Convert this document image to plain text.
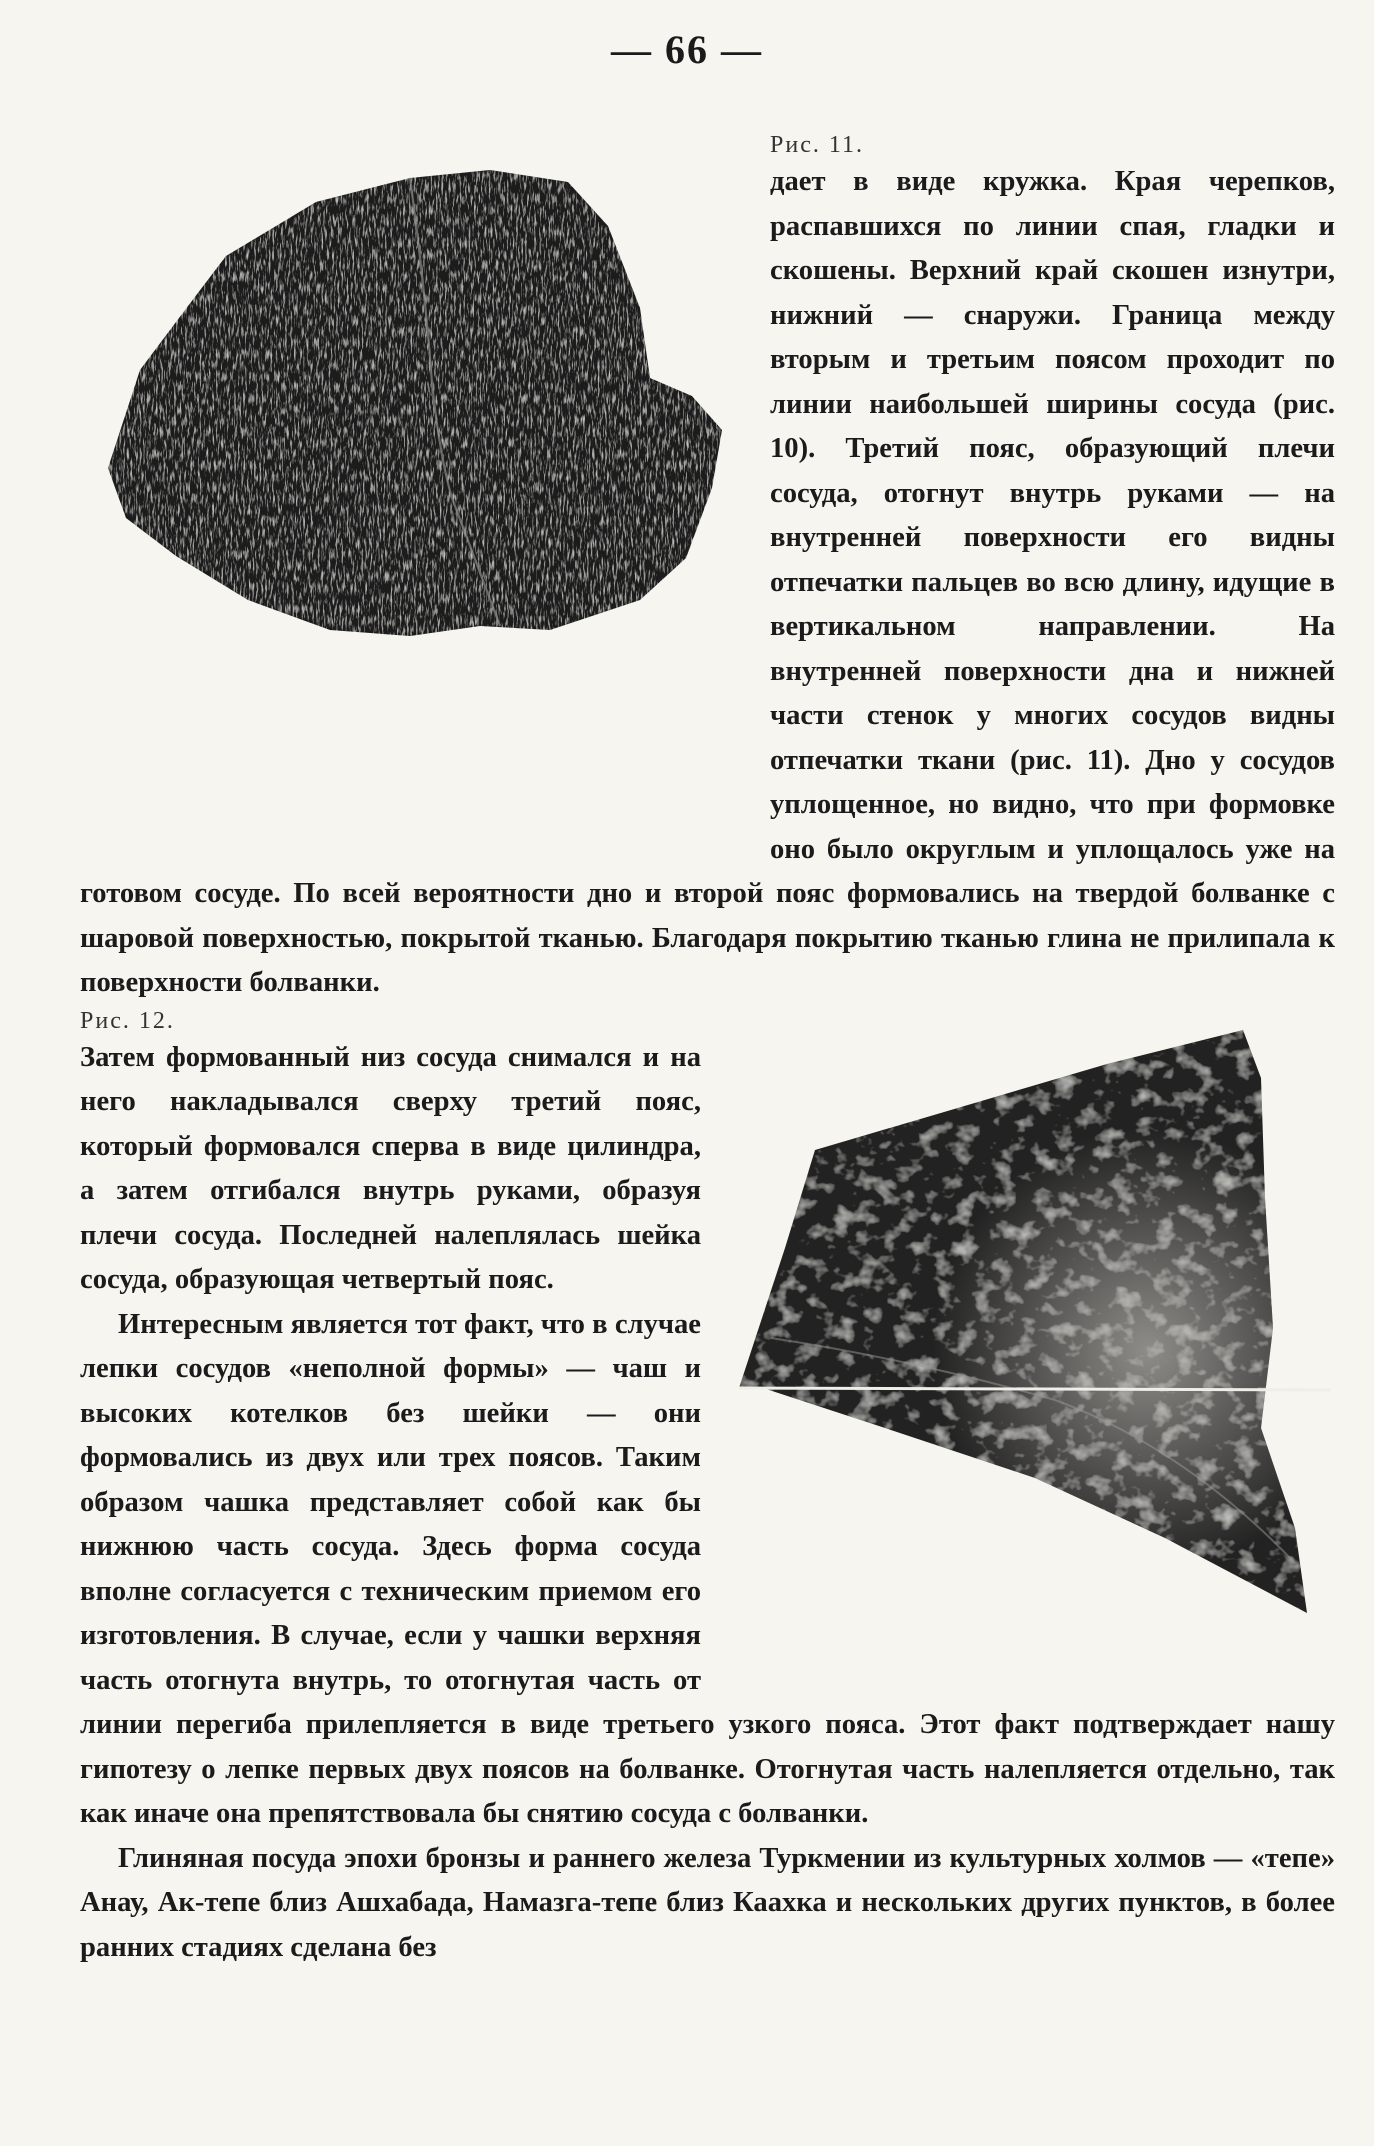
— 66 —

Рис. 11.
дает в виде кружка. Края черепков, распавшихся по линии спая, гладки и скошены. Верхний край скошен изнутри, нижний — снаружи. Граница между вторым и третьим поясом проходит по линии наибольшей ширины сосуда (рис. 10). Третий пояс, образующий плечи сосуда, отогнут внутрь руками — на внутренней поверхности его видны отпечатки пальцев во всю длину, идущие в вертикальном направлении. На внутренней поверхности дна и нижней части стенок у многих сосудов видны отпечатки ткани (рис. 11). Дно у сосудов уплощенное, но видно, что при формовке оно было округлым и уплощалось уже на готовом сосуде. По всей вероятности дно и второй пояс формовались на твердой болванке с шаровой поверхностью, покрытой тканью. Благодаря покрытию тканью глина не прилипала к поверхности болванки.

Рис. 12.
Затем формованный низ сосуда снимался и на него накладывался сверху третий пояс, который формовался сперва в виде цилиндра, а затем отгибался внутрь руками, образуя плечи сосуда. Последней налеплялась шейка сосуда, образующая четвертый пояс.

Интересным является тот факт, что в случае лепки сосудов «неполной формы» — чаш и высоких котелков без шейки — они формовались из двух или трех поясов. Таким образом чашка представляет собой как бы нижнюю часть сосуда. Здесь форма сосуда вполне согласуется с техническим приемом его изготовления. В случае, если у чашки верхняя часть отогнута внутрь, то отогнутая часть от линии перегиба прилепляется в виде третьего узкого пояса. Этот факт подтверждает нашу гипотезу о лепке первых двух поясов на болванке. Отогнутая часть налепляется отдельно, так как иначе она препятствовала бы снятию сосуда с болванки.

Глиняная посуда эпохи бронзы и раннего железа Туркмении из культурных холмов — «тепе» Анау, Ак-тепе близ Ашхабада, Намазга-тепе близ Каахка и нескольких других пунктов, в более ранних стадиях сделана без
